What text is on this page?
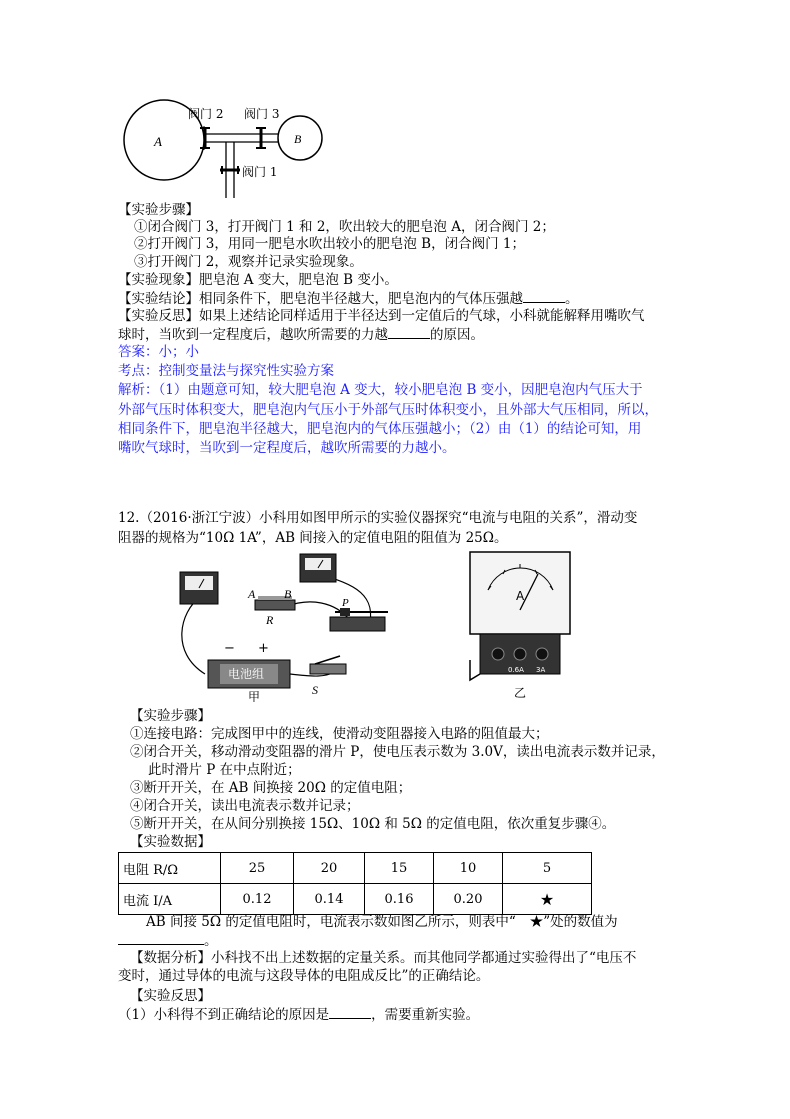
A	B
阀门 2 阀门 3
阀门 1
【实验步骤】
①闭合阀门 3，打开阀门 1 和 2，吹出较大的肥皂泡 A，闭合阀门 2；
②打开阀门 3，用同一肥皂水吹出较小的肥皂泡 B，闭合阀门 1；
③打开阀门 2，观察并记录实验现象。
【实验现象】肥皂泡 A 变大，肥皂泡 B 变小。
【实验结论】相同条件下，肥皂泡半径越大，肥皂泡内的气体压强越	。
【实验反思】如果上述结论同样适用于半径达到一定值后的气球，小科就能解释用嘴吹气
球时，当吹到一定程度后，越吹所需要的力越	的原因。
答案：小；小
考点：控制变量法与探究性实验方案
解析：（1）由题意可知，较大肥皂泡 A 变大，较小肥皂泡 B 变小，因肥皂泡内气压大于
外部气压时体积变大，肥皂泡内气压小于外部气压时体积变小，且外部大气压相同，所以，
相同条件下，肥皂泡半径越大，肥皂泡内的气体压强越小；（2）由（1）的结论可知，用
嘴吹气球时，当吹到一定程度后，越吹所需要的力越小。
12.（2016·浙江宁波）小科用如图甲所示的实验仪器探究“电流与电阻的关系”，滑动变
阻器的规格为“10Ω 1A”，AB 间接入的定值电阻的阻值为 25Ω。
A B
R
P
电池组
− +
S
甲
A
0.6A 3A
乙
【实验步骤】
①连接电路：完成图甲中的连线，使滑动变阻器接入电路的阻值最大；
②闭合开关，移动滑动变阻器的滑片 P，使电压表示数为 3.0V，读出电流表示数并记录，
此时滑片 P 在中点附近；
③断开开关，在 AB 间换接 20Ω 的定值电阻；
④闭合开关，读出电流表示数并记录；
⑤断开开关，在从间分别换接 15Ω、10Ω 和 5Ω 的定值电阻，依次重复步骤④。
【实验数据】
电阻 R/Ω	25	20	15	10	5
电流 I/A	0.12	0.14	0.16	0.20	★
AB 间接 5Ω 的定值电阻时，电流表示数如图乙所示，则表中“ ★”处的数值为
。
【数据分析】小科找不出上述数据的定量关系。而其他同学都通过实验得出了“电压不
变时，通过导体的电流与这段导体的电阻成反比”的正确结论。
【实验反思】
（1）小科得不到正确结论的原因是	，需要重新实验。
